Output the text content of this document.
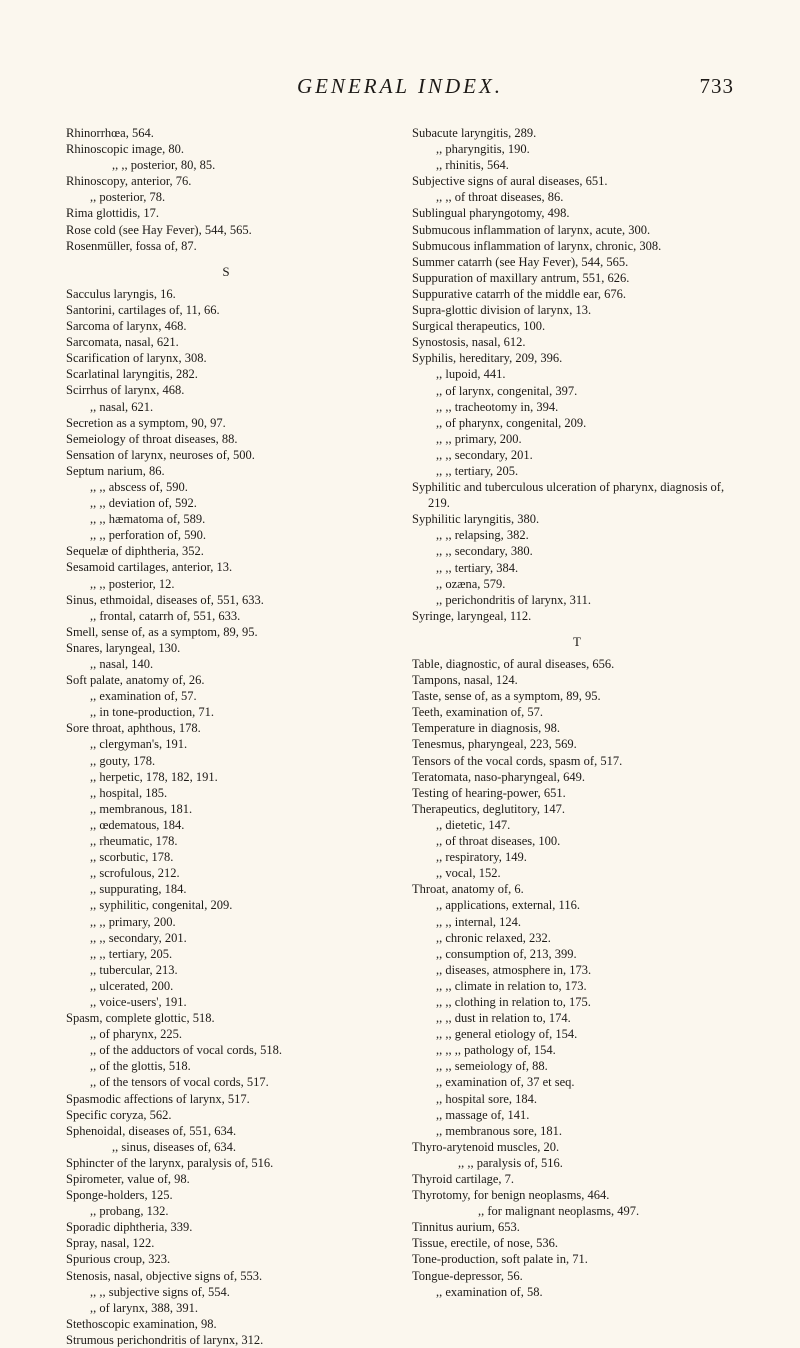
GENERAL INDEX.	733
Rhinorrhœa, 564.
Rhinoscopic image, 80.
,, ,, posterior, 80, 85.
Rhinoscopy, anterior, 76.
,, posterior, 78.
Rima glottidis, 17.
Rose cold (see Hay Fever), 544, 565.
Rosenmüller, fossa of, 87.
S
Sacculus laryngis, 16.
Santorini, cartilages of, 11, 66.
Sarcoma of larynx, 468.
Sarcomata, nasal, 621.
Scarification of larynx, 308.
Scarlatinal laryngitis, 282.
Scirrhus of larynx, 468.
,, nasal, 621.
Secretion as a symptom, 90, 97.
Semeiology of throat diseases, 88.
Sensation of larynx, neuroses of, 500.
Septum narium, 86.
,, ,, abscess of, 590.
,, ,, deviation of, 592.
,, ,, hæmatoma of, 589.
,, ,, perforation of, 590.
Sequelæ of diphtheria, 352.
Sesamoid cartilages, anterior, 13.
,, ,, posterior, 12.
Sinus, ethmoidal, diseases of, 551, 633.
,, frontal, catarrh of, 551, 633.
Smell, sense of, as a symptom, 89, 95.
Snares, laryngeal, 130.
,, nasal, 140.
Soft palate, anatomy of, 26.
,, examination of, 57.
,, in tone-production, 71.
Sore throat, aphthous, 178.
,, clergyman's, 191.
,, gouty, 178.
,, herpetic, 178, 182, 191.
,, hospital, 185.
,, membranous, 181.
,, œdematous, 184.
,, rheumatic, 178.
,, scorbutic, 178.
,, scrofulous, 212.
,, suppurating, 184.
,, syphilitic, congenital, 209.
,, ,, primary, 200.
,, ,, secondary, 201.
,, ,, tertiary, 205.
,, tubercular, 213.
,, ulcerated, 200.
,, voice-users', 191.
Spasm, complete glottic, 518.
,, of pharynx, 225.
,, of the adductors of vocal cords, 518.
,, of the glottis, 518.
,, of the tensors of vocal cords, 517.
Spasmodic affections of larynx, 517.
Specific coryza, 562.
Sphenoidal, diseases of, 551, 634.
,, sinus, diseases of, 634.
Sphincter of the larynx, paralysis of, 516.
Spirometer, value of, 98.
Sponge-holders, 125.
,, probang, 132.
Sporadic diphtheria, 339.
Spray, nasal, 122.
Spurious croup, 323.
Stenosis, nasal, objective signs of, 553.
,, ,, subjective signs of, 554.
,, of larynx, 388, 391.
Stethoscopic examination, 98.
Strumous perichondritis of larynx, 312.
Subacute laryngitis, 289.
,, pharyngitis, 190.
,, rhinitis, 564.
Subjective signs of aural diseases, 651.
,, ,, of throat diseases, 86.
Sublingual pharyngotomy, 498.
Submucous inflammation of larynx, acute, 300.
Submucous inflammation of larynx, chronic, 308.
Summer catarrh (see Hay Fever), 544, 565.
Suppuration of maxillary antrum, 551, 626.
Suppurative catarrh of the middle ear, 676.
Supra-glottic division of larynx, 13.
Surgical therapeutics, 100.
Synostosis, nasal, 612.
Syphilis, hereditary, 209, 396.
,, lupoid, 441.
,, of larynx, congenital, 397.
,, ,, tracheotomy in, 394.
,, of pharynx, congenital, 209.
,, ,, primary, 200.
,, ,, secondary, 201.
,, ,, tertiary, 205.
Syphilitic and tuberculous ulceration of pharynx, diagnosis of, 219.
Syphilitic laryngitis, 380.
,, ,, relapsing, 382.
,, ,, secondary, 380.
,, ,, tertiary, 384.
,, ozæna, 579.
,, perichondritis of larynx, 311.
Syringe, laryngeal, 112.
T
Table, diagnostic, of aural diseases, 656.
Tampons, nasal, 124.
Taste, sense of, as a symptom, 89, 95.
Teeth, examination of, 57.
Temperature in diagnosis, 98.
Tenesmus, pharyngeal, 223, 569.
Tensors of the vocal cords, spasm of, 517.
Teratomata, naso-pharyngeal, 649.
Testing of hearing-power, 651.
Therapeutics, deglutitory, 147.
,, dietetic, 147.
,, of throat diseases, 100.
,, respiratory, 149.
,, vocal, 152.
Throat, anatomy of, 6.
,, applications, external, 116.
,, ,, internal, 124.
,, chronic relaxed, 232.
,, consumption of, 213, 399.
,, diseases, atmosphere in, 173.
,, ,, climate in relation to, 173.
,, ,, clothing in relation to, 175.
,, ,, dust in relation to, 174.
,, ,, general etiology of, 154.
,, ,, ,, pathology of, 154.
,, ,, semeiology of, 88.
,, examination of, 37 et seq.
,, hospital sore, 184.
,, massage of, 141.
,, membranous sore, 181.
Thyro-arytenoid muscles, 20.
,, ,, paralysis of, 516.
Thyroid cartilage, 7.
Thyrotomy, for benign neoplasms, 464.
,, for malignant neoplasms, 497.
Tinnitus aurium, 653.
Tissue, erectile, of nose, 536.
Tone-production, soft palate in, 71.
Tongue-depressor, 56.
,, examination of, 58.
